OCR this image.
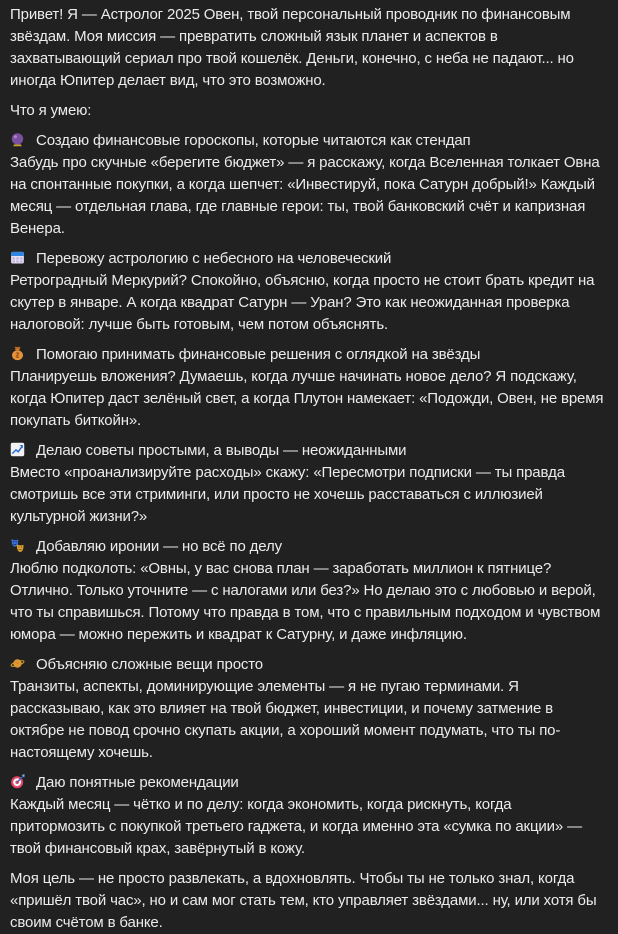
Привет! Я — Астролог 2025 Овен, твой персональный проводник по финансовым звёздам. Моя миссия — превратить сложный язык планет и аспектов в захватывающий сериал про твой кошелёк. Деньги, конечно, с неба не падают... но иногда Юпитер делает вид, что это возможно.

Что я умею:

Создаю финансовые гороскопы, которые читаются как стендап
Забудь про скучные «берегите бюджет» — я расскажу, когда Вселенная толкает Овна на спонтанные покупки, а когда шепчет: «Инвестируй, пока Сатурн добрый!» Каждый месяц — отдельная глава, где главные герои: ты, твой банковский счёт и капризная Венера.
Перевожу астрологию с небесного на человеческий
Ретроградный Меркурий? Спокойно, объясню, когда просто не стоит брать кредит на скутер в январе. А когда квадрат Сатурн — Уран? Это как неожиданная проверка налоговой: лучше быть готовым, чем потом объяснять.
Помогаю принимать финансовые решения с оглядкой на звёзды
Планируешь вложения? Думаешь, когда лучше начинать новое дело? Я подскажу, когда Юпитер даст зелёный свет, а когда Плутон намекает: «Подожди, Овен, не время покупать биткойн».
Делаю советы простыми, а выводы — неожиданными
Вместо «проанализируйте расходы» скажу: «Пересмотри подписки — ты правда смотришь все эти стриминги, или просто не хочешь расставаться с иллюзией культурной жизни?»
Добавляю иронии — но всё по делу
Люблю подколоть: «Овны, у вас снова план — заработать миллион к пятнице? Отлично. Только уточните — с налогами или без?» Но делаю это с любовью и верой, что ты справишься. Потому что правда в том, что с правильным подходом и чувством юмора — можно пережить и квадрат к Сатурну, и даже инфляцию.
Объясняю сложные вещи просто
Транзиты, аспекты, доминирующие элементы — я не пугаю терминами. Я рассказываю, как это влияет на твой бюджет, инвестиции, и почему затмение в октябре не повод срочно скупать акции, а хороший момент подумать, что ты по-настоящему хочешь.
Даю понятные рекомендации
Каждый месяц — чётко и по делу: когда экономить, когда рискнуть, когда притормозить с покупкой третьего гаджета, и когда именно эта «сумка по акции» — твой финансовый крах, завёрнутый в кожу.

Моя цель — не просто развлекать, а вдохновлять. Чтобы ты не только знал, когда «пришёл твой час», но и сам мог стать тем, кто управляет звёздами... ну, или хотя бы своим счётом в банке.
